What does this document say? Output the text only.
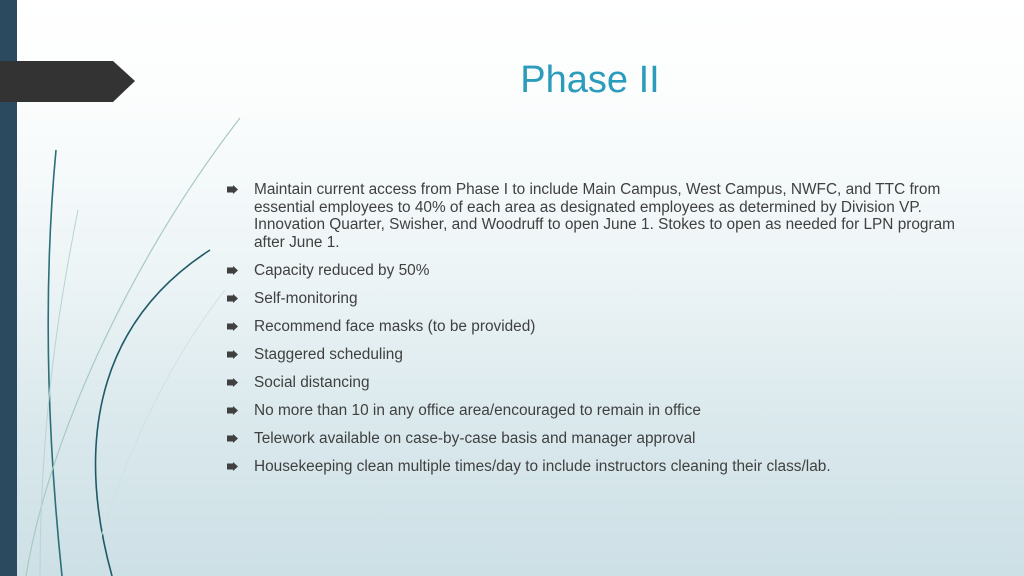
Phase II
Maintain current access from Phase I to include Main Campus, West Campus, NWFC, and TTC from essential employees to 40% of each area as designated employees as determined by Division VP. Innovation Quarter, Swisher, and Woodruff to open June 1. Stokes to open as needed for LPN program after June 1.
Capacity reduced by 50%
Self-monitoring
Recommend face masks (to be provided)
Staggered scheduling
Social distancing
No more than 10 in any office area/encouraged to remain in office
Telework available on case-by-case basis and manager approval
Housekeeping clean multiple times/day to include instructors cleaning their class/lab.
